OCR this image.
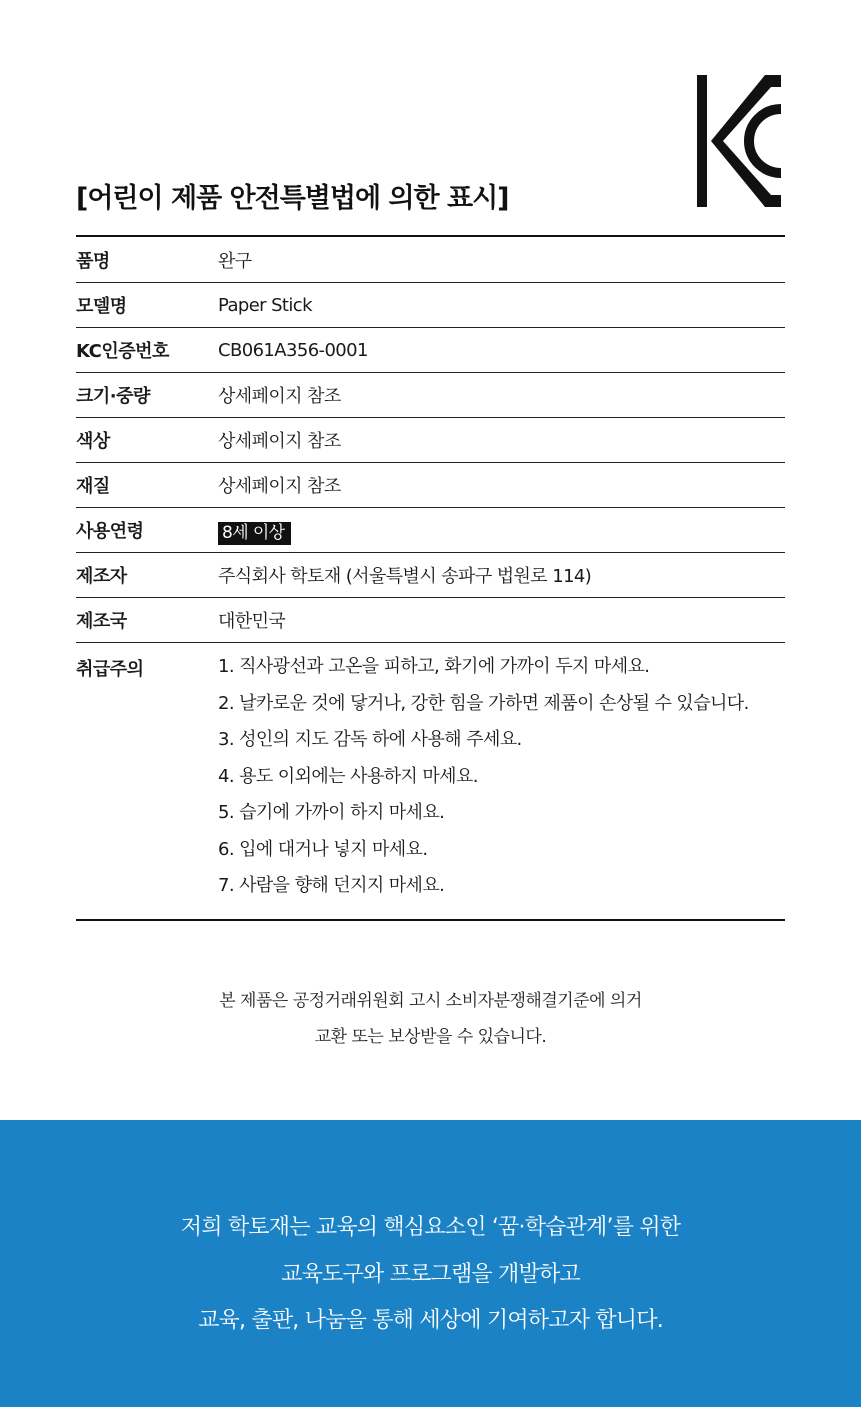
[어린이 제품 안전특별법에 의한 표시]
품명	완구
모델명	Paper Stick
KC인증번호	CB061A356-0001
크기·중량	상세페이지 참조
색상	상세페이지 참조
재질	상세페이지 참조
사용연령	8세 이상
제조자	주식회사 학토재 (서울특별시 송파구 법원로 114)
제조국	대한민국
취급주의	1. 직사광선과 고온을 피하고, 화기에 가까이 두지 마세요.
2. 날카로운 것에 닿거나, 강한 힘을 가하면 제품이 손상될 수 있습니다.
3. 성인의 지도 감독 하에 사용해 주세요.
4. 용도 이외에는 사용하지 마세요.
5. 습기에 가까이 하지 마세요.
6. 입에 대거나 넣지 마세요.
7. 사람을 향해 던지지 마세요.
본 제품은 공정거래위원회 고시 소비자분쟁해결기준에 의거
교환 또는 보상받을 수 있습니다.
저희 학토재는 교육의 핵심요소인 ‘꿈·학습관계’를 위한
교육도구와 프로그램을 개발하고
교육, 출판, 나눔을 통해 세상에 기여하고자 합니다.
